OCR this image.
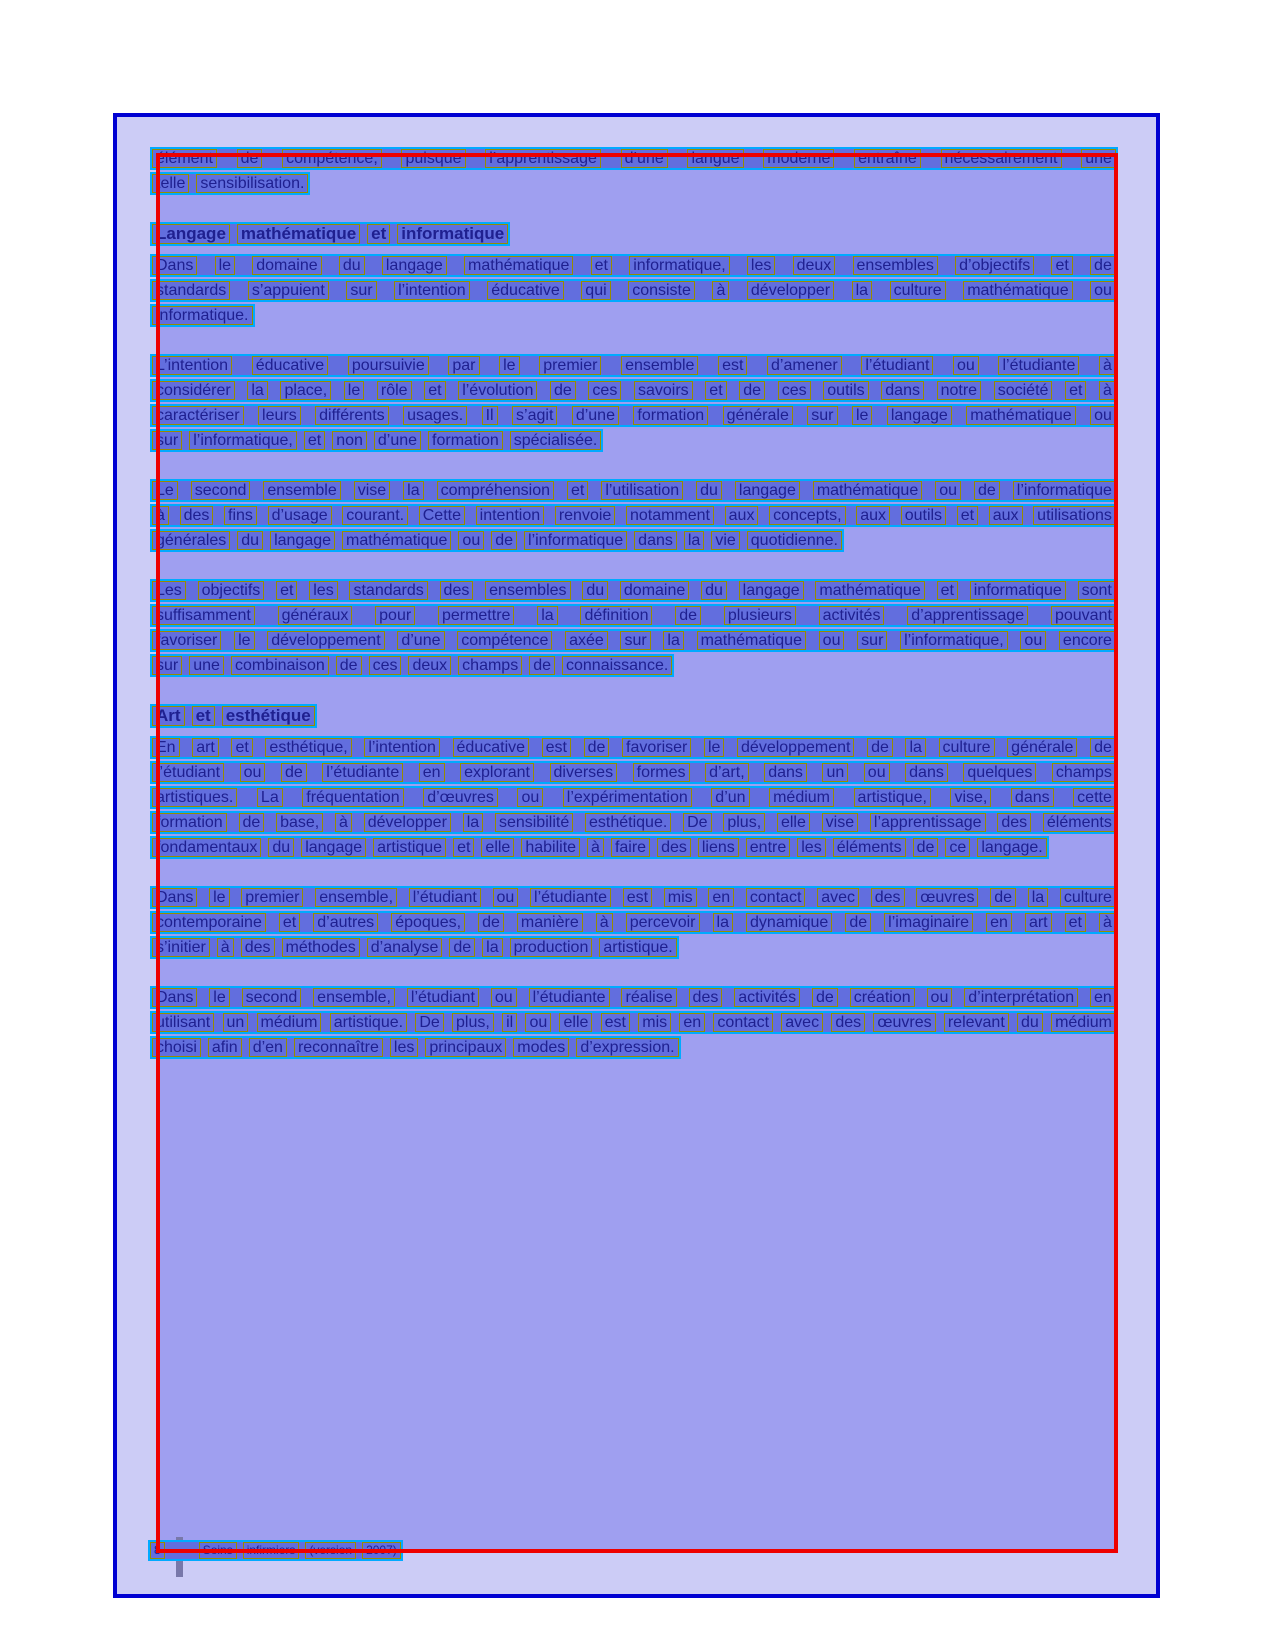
élément de compétence, puisque l’apprentissage d’une langue moderne entraîne nécessairement une
telle sensibilisation.
Langage mathématique et informatique
Dans le domaine du langage mathématique et informatique, les deux ensembles d’objectifs et de
standards s’appuient sur l’intention éducative qui consiste à développer la culture mathématique ou
informatique.
L’intention éducative poursuivie par le premier ensemble est d’amener l’étudiant ou l’étudiante à
considérer la place, le rôle et l’évolution de ces savoirs et de ces outils dans notre société et à
caractériser leurs différents usages. Il s’agit d’une formation générale sur le langage mathématique ou
sur l’informatique, et non d’une formation spécialisée.
Le second ensemble vise la compréhension et l’utilisation du langage mathématique ou de l’informatique
à des fins d’usage courant. Cette intention renvoie notamment aux concepts, aux outils et aux utilisations
générales du langage mathématique ou de l’informatique dans la vie quotidienne.
Les objectifs et les standards des ensembles du domaine du langage mathématique et informatique sont
suffisamment généraux pour permettre la définition de plusieurs activités d’apprentissage pouvant
favoriser le développement d’une compétence axée sur la mathématique ou sur l’informatique, ou encore
sur une combinaison de ces deux champs de connaissance.
Art et esthétique
En art et esthétique, l’intention éducative est de favoriser le développement de la culture générale de
l’étudiant ou de l’étudiante en explorant diverses formes d’art, dans un ou dans quelques champs
artistiques. La fréquentation d’œuvres ou l’expérimentation d’un médium artistique, vise, dans cette
formation de base, à développer la sensibilité esthétique. De plus, elle vise l’apprentissage des éléments
fondamentaux du langage artistique et elle habilite à faire des liens entre les éléments de ce langage.
Dans le premier ensemble, l’étudiant ou l’étudiante est mis en contact avec des œuvres de la culture
contemporaine et d’autres époques, de manière à percevoir la dynamique de l’imaginaire en art et à
s’initier à des méthodes d’analyse de la production artistique.
Dans le second ensemble, l’étudiant ou l’étudiante réalise des activités de création ou d’interprétation en
utilisant un médium artistique. De plus, il ou elle est mis en contact avec des œuvres relevant du médium
choisi afin d’en reconnaître les principaux modes d’expression.
8	Soins	infirmiers	(version	2007)
